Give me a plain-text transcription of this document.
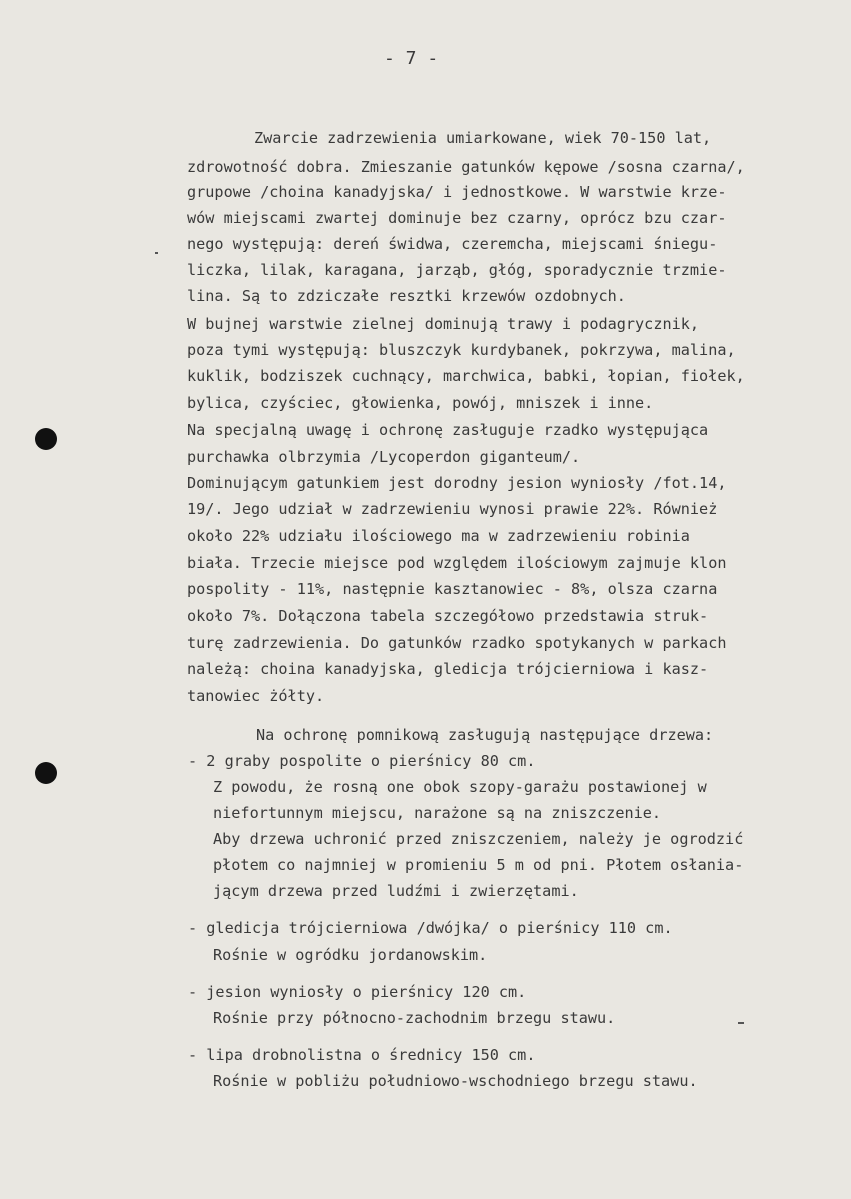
- 7 -
Zwarcie zadrzewienia umiarkowane, wiek 70-150 lat,
zdrowotność dobra. Zmieszanie gatunków kępowe /sosna czarna/,
grupowe /choina kanadyjska/ i jednostkowe. W warstwie krze-
wów miejscami zwartej dominuje bez czarny, oprócz bzu czar-
nego występują: dereń świdwa, czeremcha, miejscami śniegu-
liczka, lilak, karagana, jarząb, głóg, sporadycznie trzmie-
lina. Są to zdziczałe resztki krzewów ozdobnych.
W bujnej warstwie zielnej dominują trawy i podagrycznik,
poza tymi występują: bluszczyk kurdybanek, pokrzywa, malina,
kuklik, bodziszek cuchnący, marchwica, babki, łopian, fiołek,
bylica, czyściec, głowienka, powój, mniszek i inne.
Na specjalną uwagę i ochronę zasługuje rzadko występująca
purchawka olbrzymia /Lycoperdon giganteum/.
Dominującym gatunkiem jest dorodny jesion wyniosły /fot.14,
19/. Jego udział w zadrzewieniu wynosi prawie 22%. Również
około 22% udziału ilościowego ma w zadrzewieniu robinia
biała. Trzecie miejsce pod względem ilościowym zajmuje klon
pospolity - 11%, następnie kasztanowiec - 8%, olsza czarna
około 7%. Dołączona tabela szczegółowo przedstawia struk-
turę zadrzewienia. Do gatunków rzadko spotykanych w parkach
należą: choina kanadyjska, gledicja trójcierniowa i kasz-
tanowiec żółty.
Na ochronę pomnikową zasługują następujące drzewa:
- 2 graby pospolite o pierśnicy 80 cm.
Z powodu, że rosną one obok szopy-garażu postawionej w
niefortunnym miejscu, narażone są na zniszczenie.
Aby drzewa uchronić przed zniszczeniem, należy je ogrodzić
płotem co najmniej w promieniu 5 m od pni. Płotem osłania-
jącym drzewa przed ludźmi i zwierzętami.
- gledicja trójcierniowa /dwójka/ o pierśnicy 110 cm.
Rośnie w ogródku jordanowskim.
- jesion wyniosły o pierśnicy 120 cm.
Rośnie przy północno-zachodnim brzegu stawu.
- lipa drobnolistna o średnicy 150 cm.
Rośnie w pobliżu południowo-wschodniego brzegu stawu.
